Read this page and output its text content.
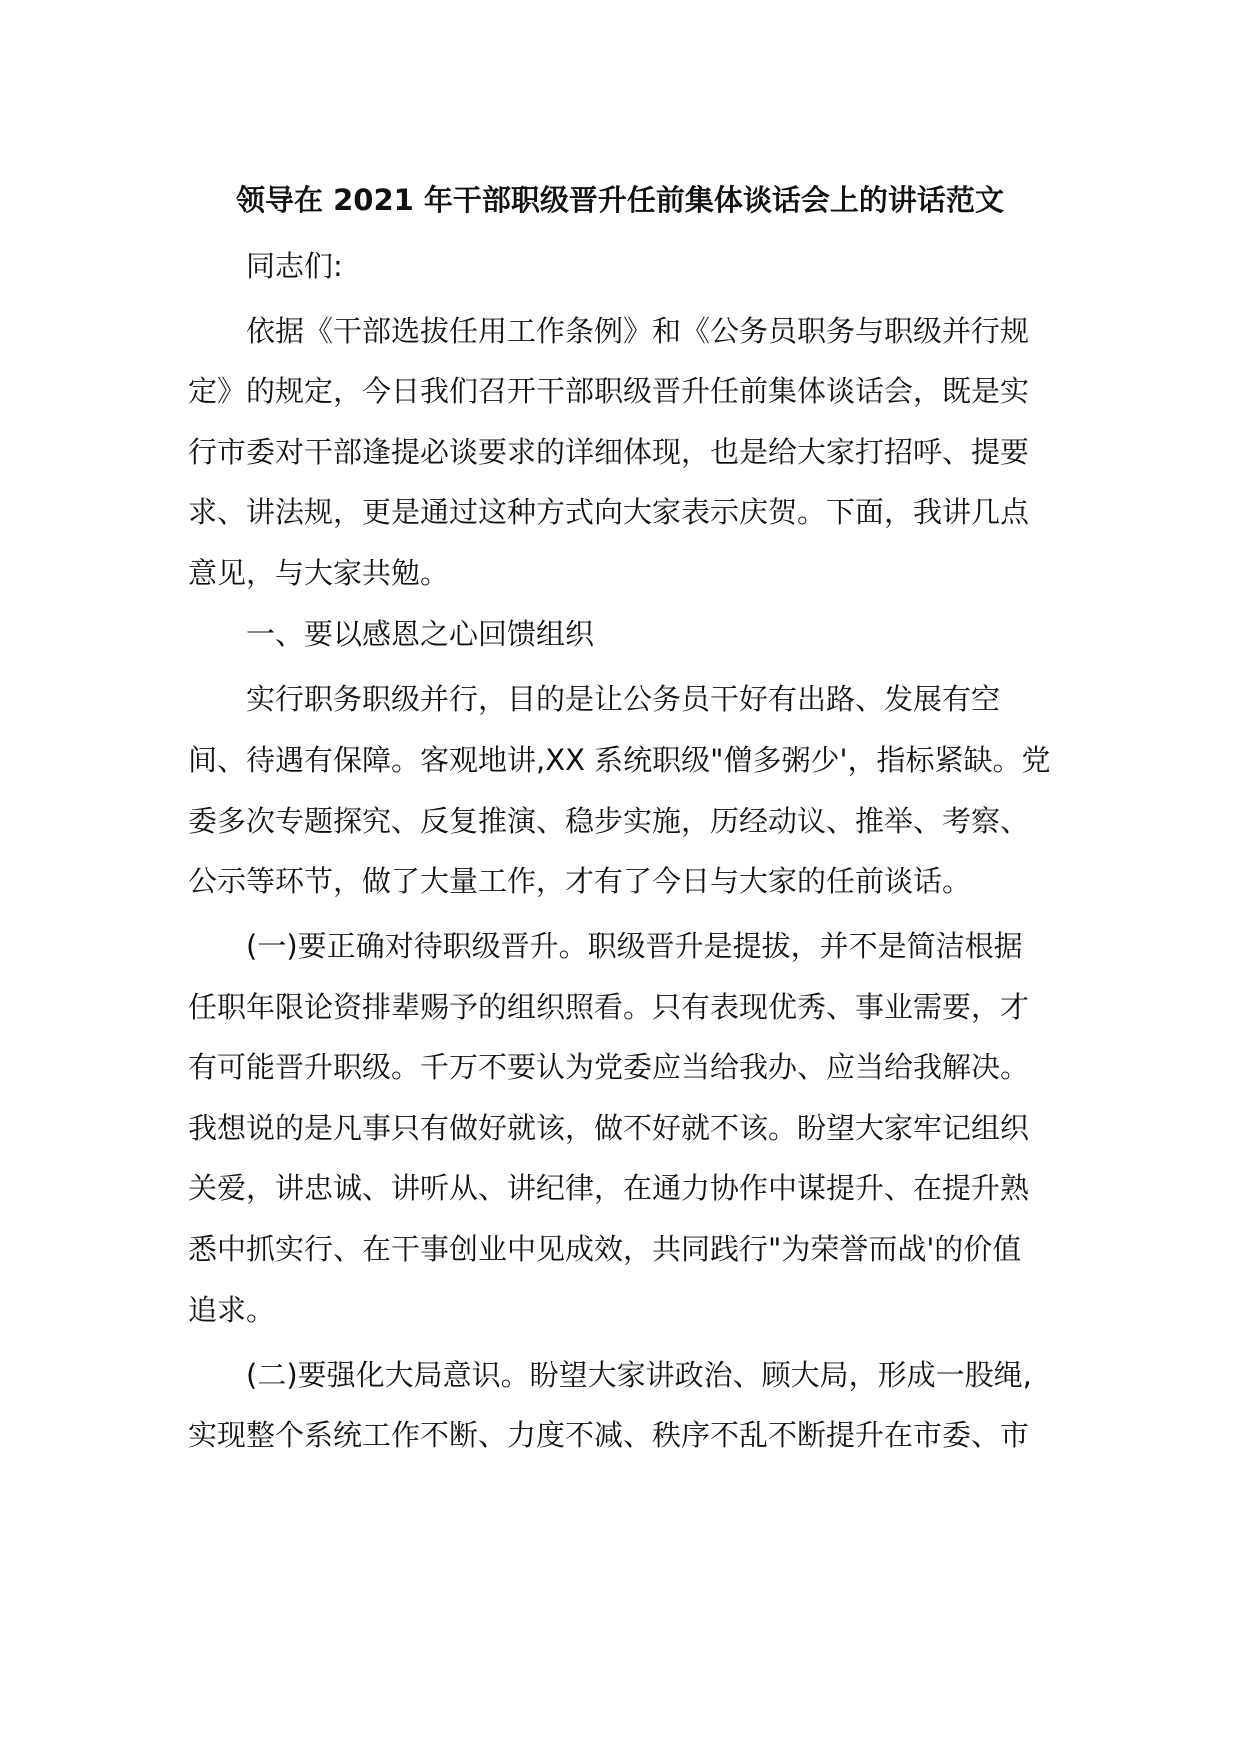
领导在 2021 年干部职级晋升任前集体谈话会上的讲话范文
同志们:
依据《干部选拔任用工作条例》和《公务员职务与职级并行规
定》的规定，今日我们召开干部职级晋升任前集体谈话会，既是实
行市委对干部逢提必谈要求的详细体现，也是给大家打招呼、提要
求、讲法规，更是通过这种方式向大家表示庆贺。下面，我讲几点
意见，与大家共勉。
一、要以感恩之心回馈组织
实行职务职级并行，目的是让公务员干好有出路、发展有空
间、待遇有保障。客观地讲,XX 系统职级"僧多粥少'，指标紧缺。党
委多次专题探究、反复推演、稳步实施，历经动议、推举、考察、
公示等环节，做了大量工作，才有了今日与大家的任前谈话。
(一)要正确对待职级晋升。职级晋升是提拔，并不是简洁根据
任职年限论资排辈赐予的组织照看。只有表现优秀、事业需要，才
有可能晋升职级。千万不要认为党委应当给我办、应当给我解决。
我想说的是凡事只有做好就该，做不好就不该。盼望大家牢记组织
关爱，讲忠诚、讲听从、讲纪律，在通力协作中谋提升、在提升熟
悉中抓实行、在干事创业中见成效，共同践行"为荣誉而战'的价值
追求。
(二)要强化大局意识。盼望大家讲政治、顾大局，形成一股绳,
实现整个系统工作不断、力度不减、秩序不乱不断提升在市委、市
